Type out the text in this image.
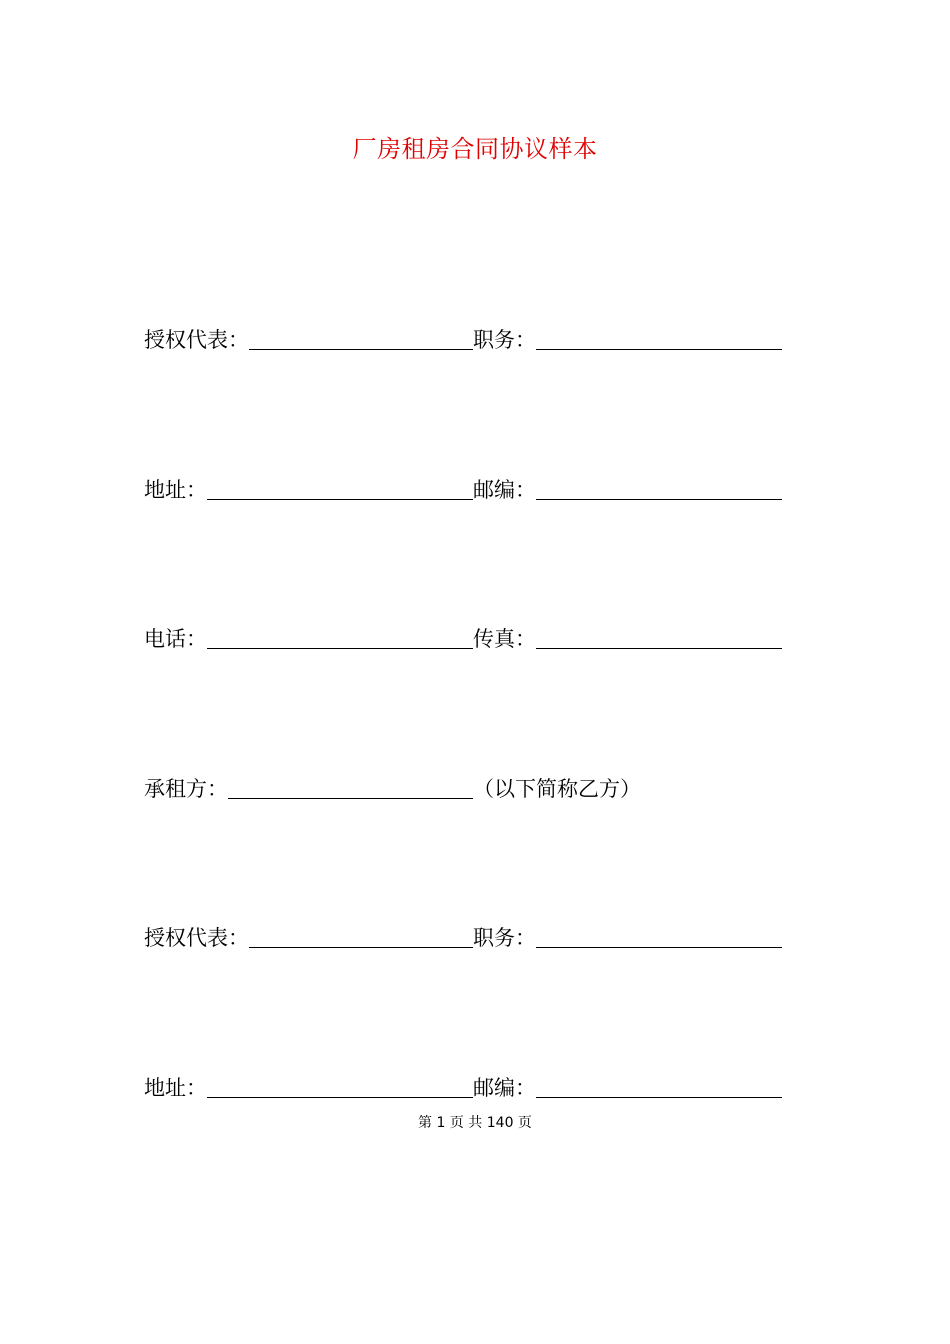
厂房租房合同协议样本
授权代表：	职务：
地址：	邮编：
电话：	传真：
承租方：	（以下简称乙方）
授权代表：	职务：
地址：	邮编：
第 1 页 共 140 页
